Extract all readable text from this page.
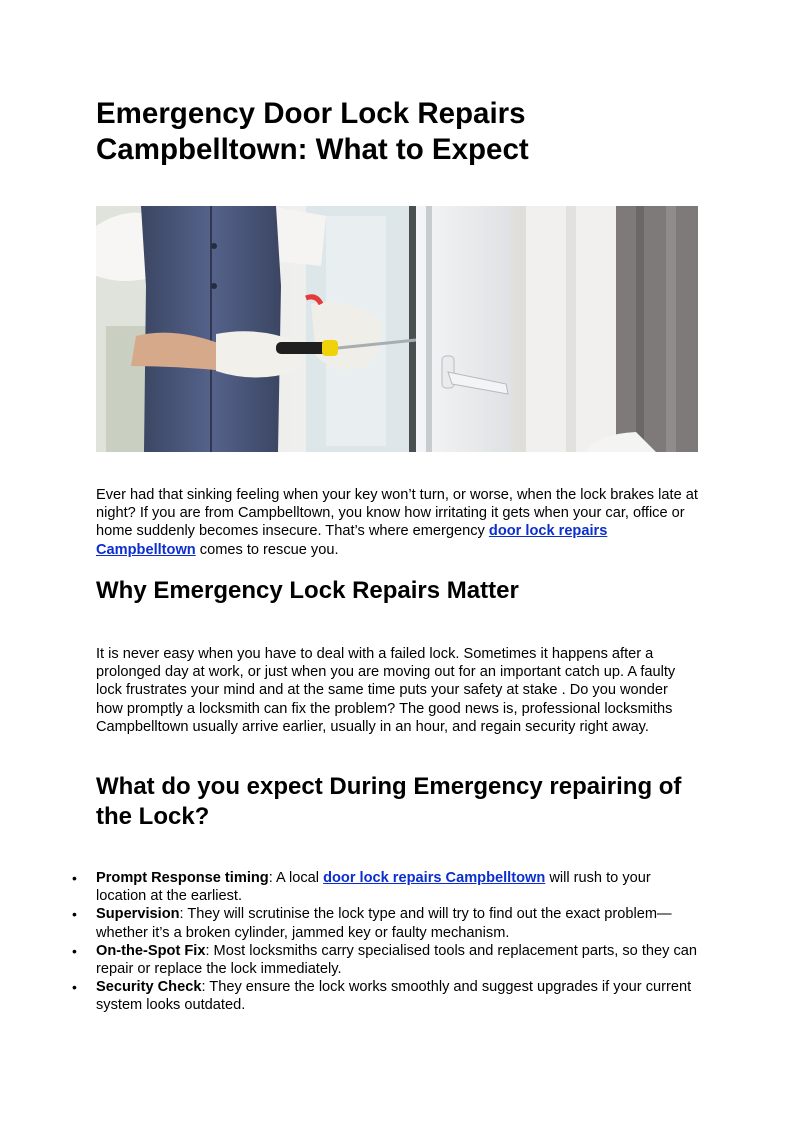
Emergency Door Lock Repairs Campbelltown: What to Expect

Ever had that sinking feeling when your key won’t turn, or worse, when the lock brakes late at night? If you are from Campbelltown, you know how irritating it gets when your car, office or home suddenly becomes insecure. That’s where emergency door lock repairs Campbelltown comes to rescue you.

Why Emergency Lock Repairs Matter

It is never easy when you have to deal with a failed lock. Sometimes it happens after a prolonged day at work, or just when you are moving out for an important catch up. A faulty lock frustrates your mind and at the same time puts your safety at stake . Do you wonder how promptly a locksmith can fix the problem? The good news is, professional locksmiths Campbelltown usually arrive earlier, usually in an hour, and regain security right away.

What do you expect During Emergency repairing of the Lock?
• Prompt Response timing: A local door lock repairs Campbelltown will rush to your location at the earliest.
• Supervision: They will scrutinise the lock type and will try to find out the exact problem—whether it’s a broken cylinder, jammed key or faulty mechanism.
• On-the-Spot Fix: Most locksmiths carry specialised tools and replacement parts, so they can repair or replace the lock immediately.
• Security Check: They ensure the lock works smoothly and suggest upgrades if your current system looks outdated.
